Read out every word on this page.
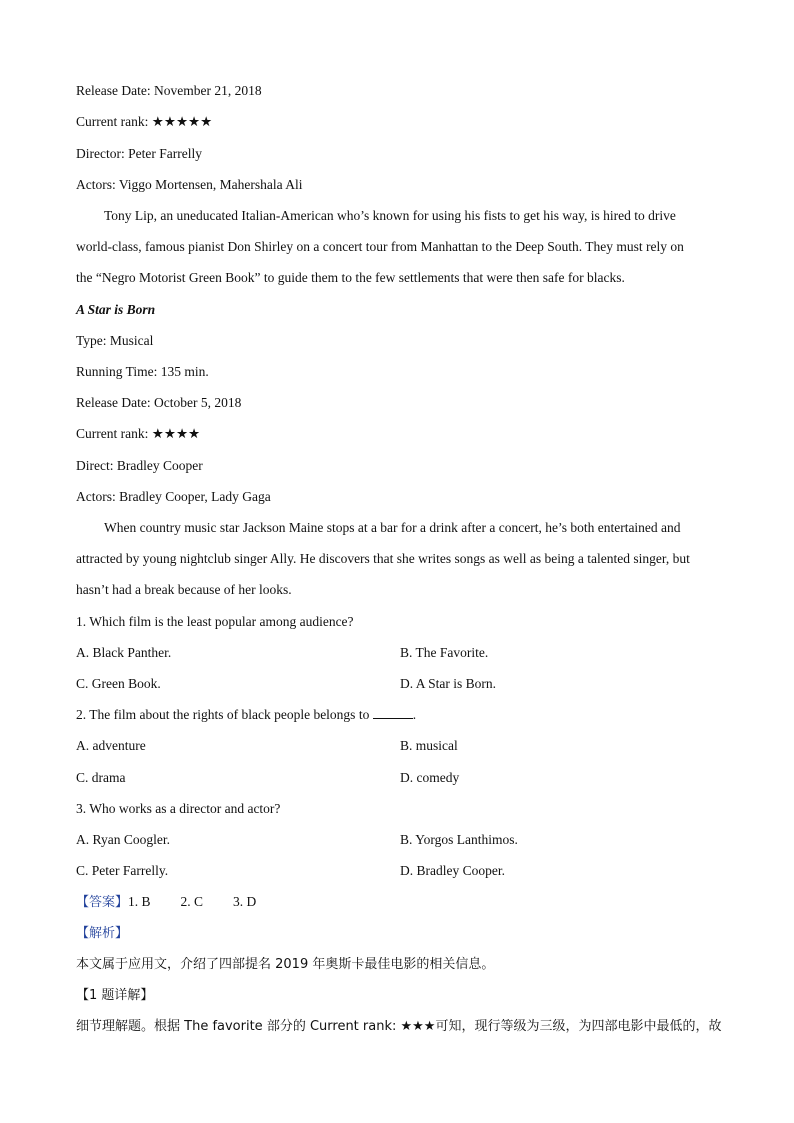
Release Date: November 21, 2018
Current rank: ★★★★★
Director: Peter Farrelly
Actors: Viggo Mortensen, Mahershala Ali
Tony Lip, an uneducated Italian-American who’s known for using his fists to get his way, is hired to drive
world-class, famous pianist Don Shirley on a concert tour from Manhattan to the Deep South. They must rely on
the “Negro Motorist Green Book” to guide them to the few settlements that were then safe for blacks.
A Star is Born
Type: Musical
Running Time: 135 min.
Release Date: October 5, 2018
Current rank: ★★★★
Direct: Bradley Cooper
Actors: Bradley Cooper, Lady Gaga
When country music star Jackson Maine stops at a bar for a drink after a concert, he’s both entertained and
attracted by young nightclub singer Ally. He discovers that she writes songs as well as being a talented singer, but
hasn’t had a break because of her looks.
1. Which film is the least popular among audience?
A. Black Panther.	B. The Favorite.
C. Green Book.	D. A Star is Born.
2. The film about the rights of black people belongs to	.
A. adventure	B. musical
C. drama	D. comedy
3. Who works as a director and actor?
A. Ryan Coogler.	B. Yorgos Lanthimos.
C. Peter Farrelly.	D. Bradley Cooper.
【答案】1. B 2. C 3. D
【解析】
本文属于应用文，介绍了四部提名 2019 年奥斯卡最佳电影的相关信息。
【1 题详解】
细节理解题。根据 The favorite 部分的 Current rank: ★★★可知，现行等级为三级，为四部电影中最低的，故
